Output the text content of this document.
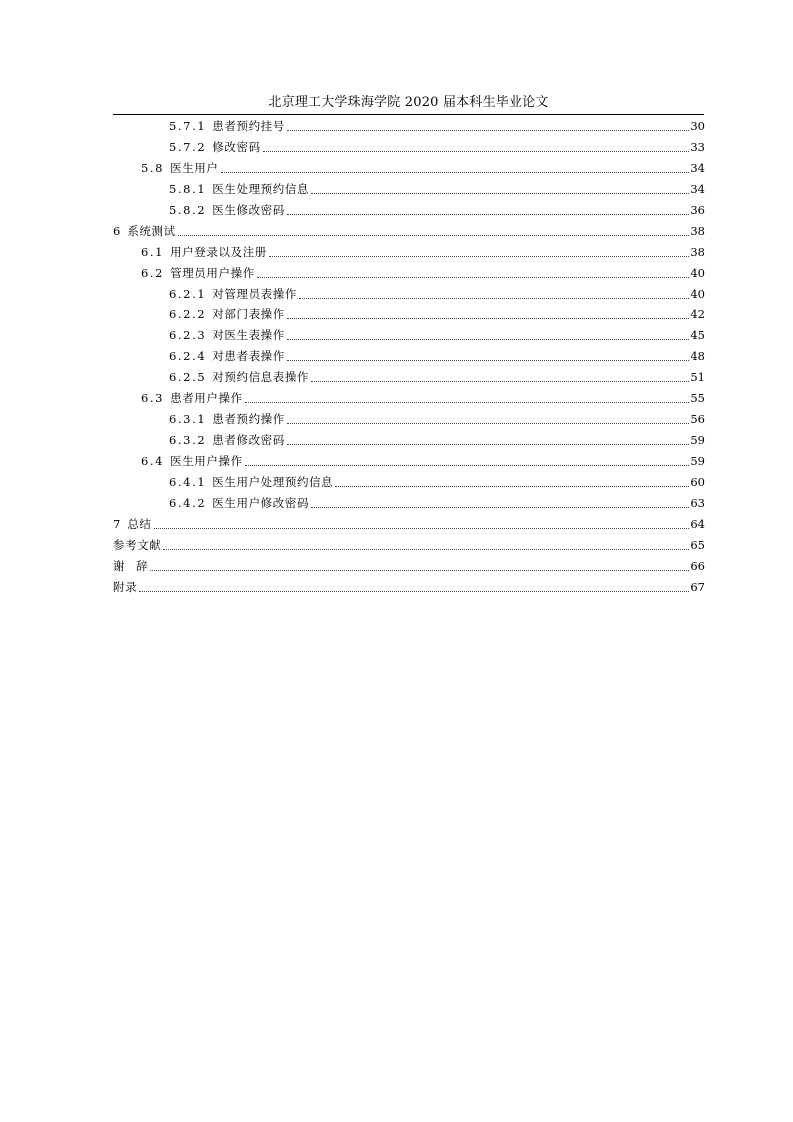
北京理工大学珠海学院 2020 届本科生毕业论文
5.7.1 患者预约挂号	30
5.7.2 修改密码	33
5.8 医生用户	34
5.8.1 医生处理预约信息	34
5.8.2 医生修改密码	36
6 系统测试	38
6.1 用户登录以及注册	38
6.2 管理员用户操作	40
6.2.1 对管理员表操作	40
6.2.2 对部门表操作	42
6.2.3 对医生表操作	45
6.2.4 对患者表操作	48
6.2.5 对预约信息表操作	51
6.3 患者用户操作	55
6.3.1 患者预约操作	56
6.3.2 患者修改密码	59
6.4 医生用户操作	59
6.4.1 医生用户处理预约信息	60
6.4.2 医生用户修改密码	63
7 总结	64
参考文献	65
谢　辞	66
附录	67
